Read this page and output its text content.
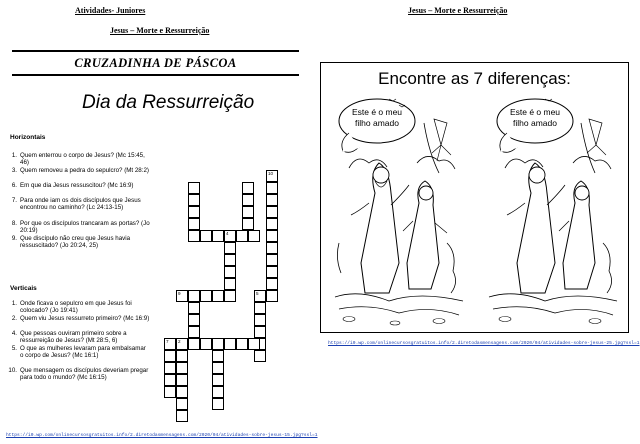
Atividades- Juniores
Jesus – Morte e Ressurreição
CRUZADINHA DE PÁSCOA
Dia da Ressurreição
Horizontais
1. Quem enterrou o corpo de Jesus? (Mc 15:45, 46)
3. Quem removeu a pedra do sepulcro? (Mt 28:2)
6. Em que dia Jesus ressuscitou? (Mc 16:9)
7. Para onde iam os dois discípulos que Jesus encontrou no caminho? (Lc 24:13-15)
8. Por que os discípulos trancaram as portas? (Jo 20:19)
9. Que discípulo não creu que Jesus havia ressuscitado? (Jo 20:24, 25)
Verticais
1. Onde ficava o sepulcro em que Jesus foi colocado? (Jo 19:41)
2. Quem viu Jesus ressurreto primeiro? (Mc 16:9)
4. Que pessoas ouviram primeiro sobre a ressurreição de Jesus? (Mt 28:5, 6)
5. O que as mulheres levaram para embalsamar o corpo de Jesus? (Mc 16:1)
10. Que mensagem os discípulos deveriam pregar para todo o mundo? (Mc 16:15)
10
4
9	5
7 2
https://i0.wp.com/onlinecursosgratuitos.info/2.diretodasmensagens.com/2020/04/atividades-sobre-jesus-15.jpg?ssl=1
Jesus – Morte e Ressurreição
Encontre as 7 diferenças:
Este é o meu
filho amado
Este é o meu
filho amado
https://i0.wp.com/onlinecursosgratuitos.info/2.diretodasmensagens.com/2020/04/atividades-sobre-jesus-25.jpg?ssl=1
